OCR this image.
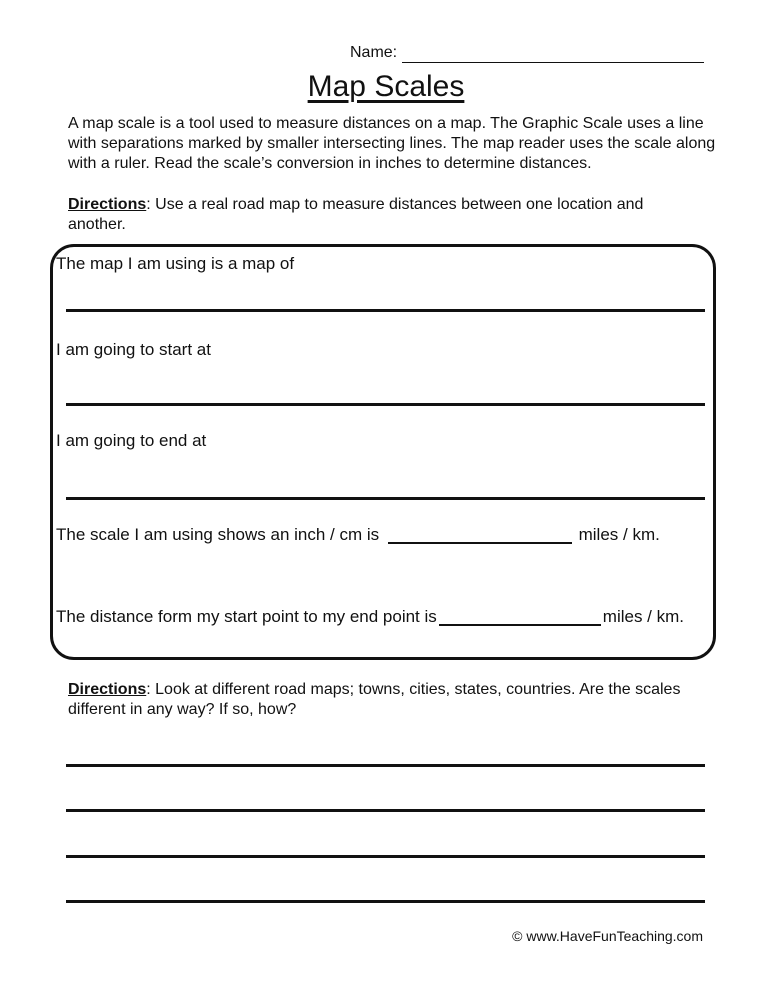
Name:
Map Scales
A map scale is a tool used to measure distances on a map. The Graphic Scale uses a line with separations marked by smaller intersecting lines. The map reader uses the scale along with a ruler. Read the scale’s conversion in inches to determine distances.
Directions: Use a real road map to measure distances between one location and another.
The map I am using is a map of
I am going to start at
I am going to end at
The scale I am using shows an inch / cm is	miles / km.
The distance form my start point to my end point is	miles / km.
Directions: Look at different road maps; towns, cities, states, countries. Are the scales different in any way? If so, how?
© www.HaveFunTeaching.com
